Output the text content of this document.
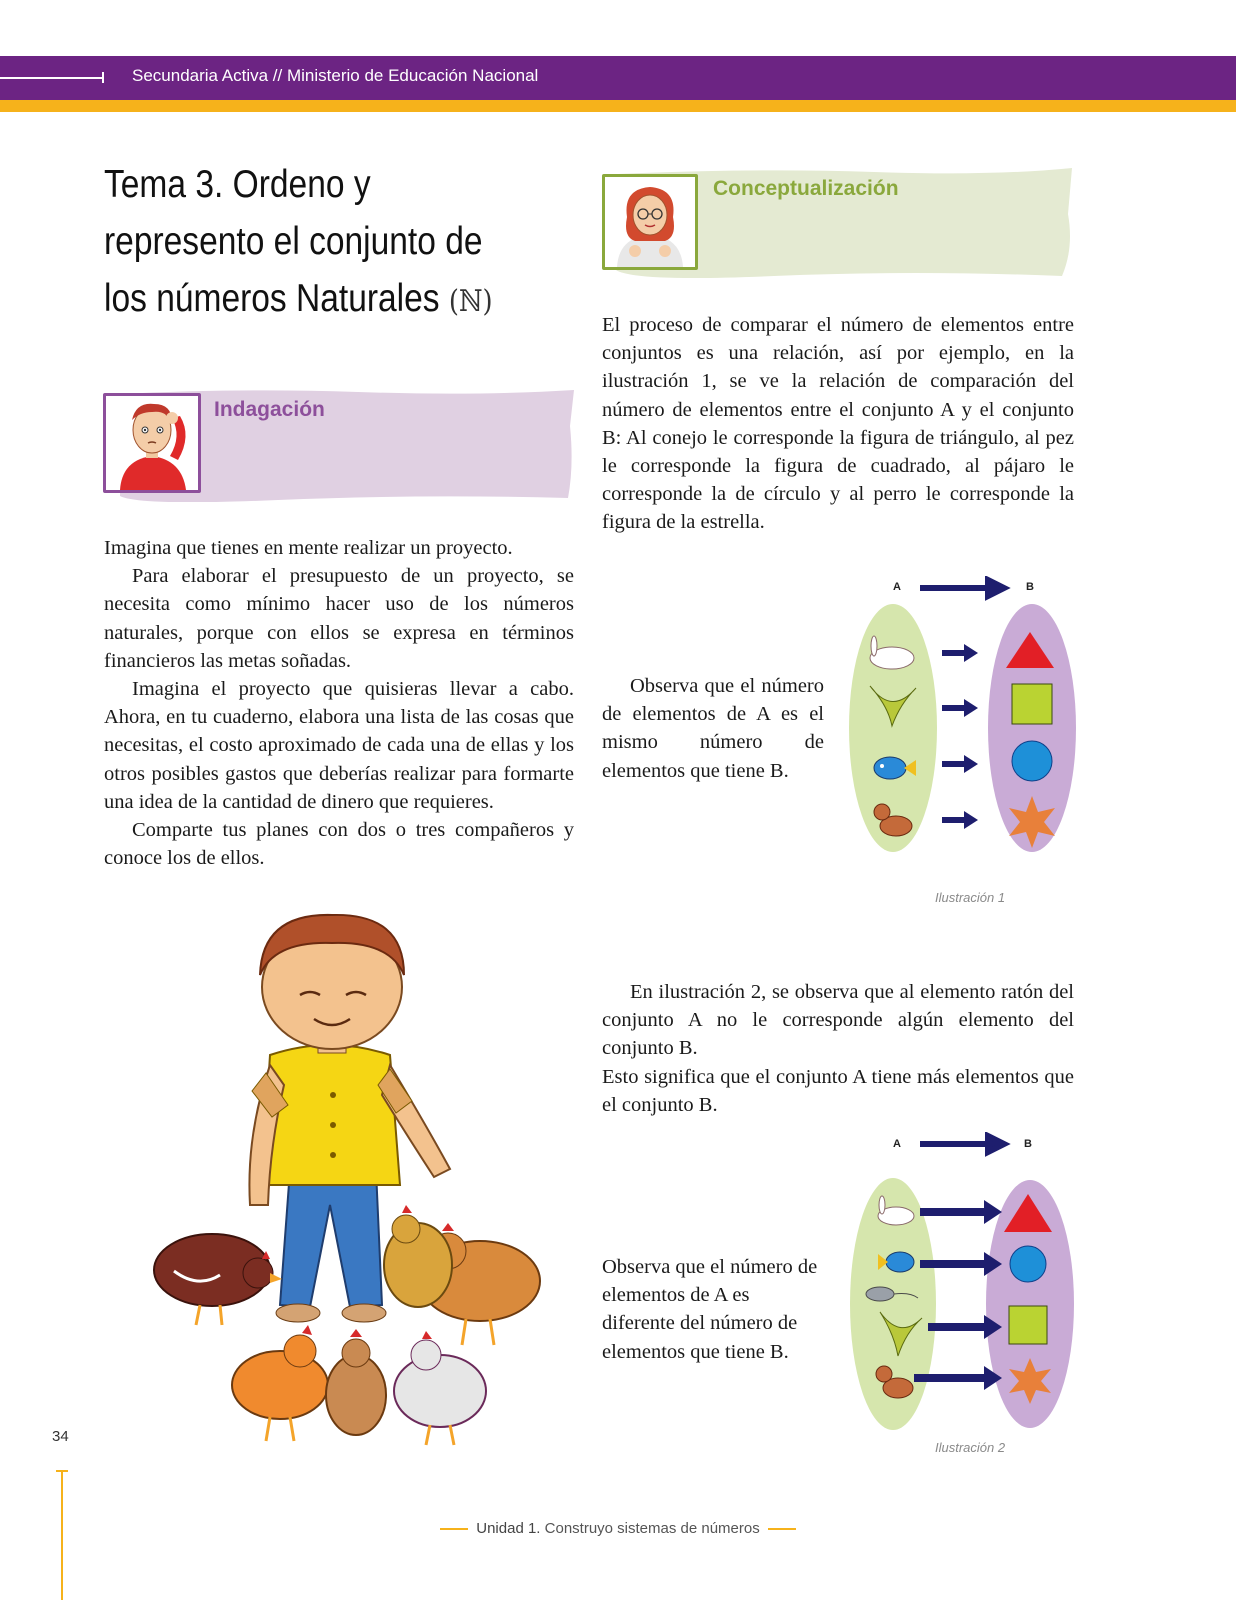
Secundaria Activa // Ministerio de Educación Nacional
Tema 3. Ordeno y
represento el conjunto de
los números Naturales (ℕ)
Indagación

Imagina que tienes en mente realizar un proyecto.

Para elaborar el presupuesto de un proyecto, se necesita como mínimo hacer uso de los números naturales, porque con ellos se expresa en términos financieros las metas soñadas.

Imagina el proyecto que quisieras llevar a cabo. Ahora, en tu cuaderno, elabora una lista de las cosas que necesitas, el costo aproximado de cada una de ellas y los otros posibles gastos que deberías realizar para formarte una idea de la cantidad de dinero que requieres.

Comparte tus planes con dos o tres compañeros y conoce los de ellos.

Conceptualización

El proceso de comparar el número de elementos entre conjuntos es una relación, así por ejemplo, en la ilustración 1, se ve la relación de comparación del número de elementos entre el conjunto A y el conjunto B: Al conejo le corresponde la figura de triángulo, al pez le corresponde la figura de cuadrado, al pájaro le corresponde la de círculo y al perro le corresponde la figura de la estrella.

Observa que el número de elementos de A es el mismo número de elementos que tiene B.

A	B
Ilustración 1

En ilustración 2, se observa que al elemento ratón del conjunto A no le corresponde algún elemento del conjunto B.

Esto significa que el conjunto A tiene más elementos que el conjunto B.

Observa que el número de elementos de A es diferente del número de elementos que tiene B.

A	B
Ilustración 2
34
Unidad 1. Construyo sistemas de números
